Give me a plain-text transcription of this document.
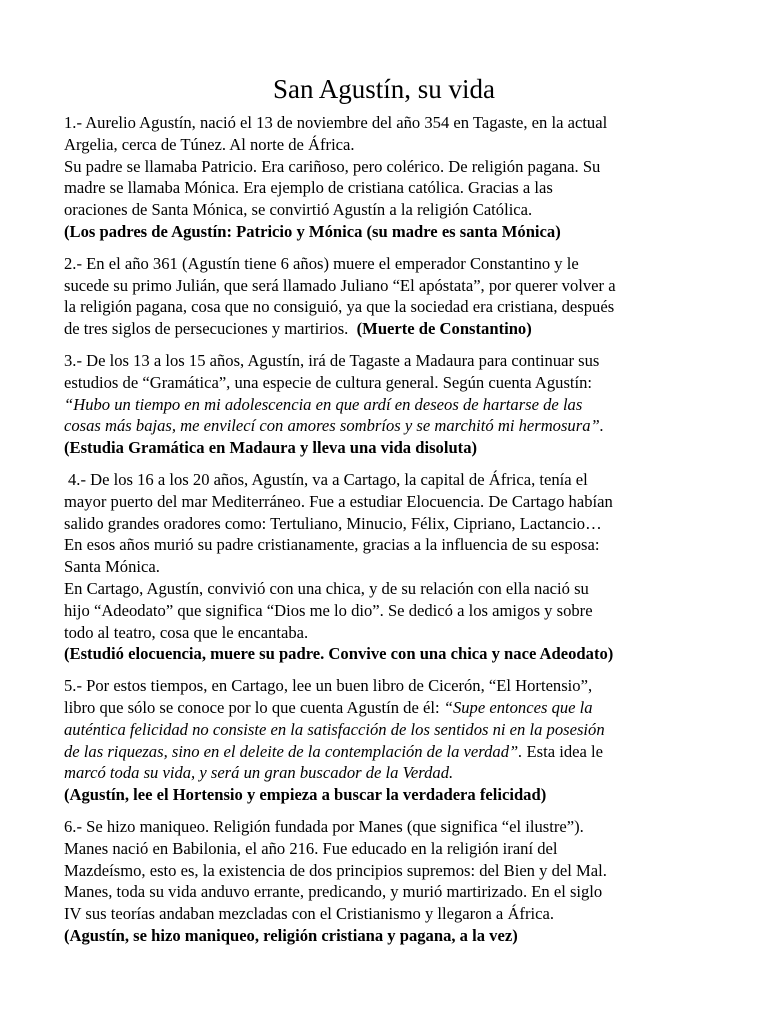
San Agustín, su vida
1.- Aurelio Agustín, nació el 13 de noviembre del año 354 en Tagaste, en la actual
Argelia, cerca de Túnez. Al norte de África.
Su padre se llamaba Patricio. Era cariñoso, pero colérico. De religión pagana. Su
madre se llamaba Mónica. Era ejemplo de cristiana católica. Gracias a las
oraciones de Santa Mónica, se convirtió Agustín a la religión Católica.
(Los padres de Agustín: Patricio y Mónica (su madre es santa Mónica)
2.- En el año 361 (Agustín tiene 6 años) muere el emperador Constantino y le
sucede su primo Julián, que será llamado Juliano “El apóstata”, por querer volver a
la religión pagana, cosa que no consiguió, ya que la sociedad era cristiana, después
de tres siglos de persecuciones y martirios.  (Muerte de Constantino)
3.- De los 13 a los 15 años, Agustín, irá de Tagaste a Madaura para continuar sus
estudios de “Gramática”, una especie de cultura general. Según cuenta Agustín:
“Hubo un tiempo en mi adolescencia en que ardí en deseos de hartarse de las
cosas más bajas, me envilecí con amores sombríos y se marchitó mi hermosura”.
(Estudia Gramática en Madaura y lleva una vida disoluta)
4.- De los 16 a los 20 años, Agustín, va a Cartago, la capital de África, tenía el
mayor puerto del mar Mediterráneo. Fue a estudiar Elocuencia. De Cartago habían
salido grandes oradores como: Tertuliano, Minucio, Félix, Cipriano, Lactancio…
En esos años murió su padre cristianamente, gracias a la influencia de su esposa:
Santa Mónica.
En Cartago, Agustín, convivió con una chica, y de su relación con ella nació su
hijo “Adeodato” que significa “Dios me lo dio”. Se dedicó a los amigos y sobre
todo al teatro, cosa que le encantaba.
(Estudió elocuencia, muere su padre. Convive con una chica y nace Adeodato)
5.- Por estos tiempos, en Cartago, lee un buen libro de Cicerón, “El Hortensio”,
libro que sólo se conoce por lo que cuenta Agustín de él: “Supe entonces que la
auténtica felicidad no consiste en la satisfacción de los sentidos ni en la posesión
de las riquezas, sino en el deleite de la contemplación de la verdad”. Esta idea le
marcó toda su vida, y será un gran buscador de la Verdad.
(Agustín, lee el Hortensio y empieza a buscar la verdadera felicidad)
6.- Se hizo maniqueo. Religión fundada por Manes (que significa “el ilustre”).
Manes nació en Babilonia, el año 216. Fue educado en la religión iraní del
Mazdeísmo, esto es, la existencia de dos principios supremos: del Bien y del Mal.
Manes, toda su vida anduvo errante, predicando, y murió martirizado. En el siglo
IV sus teorías andaban mezcladas con el Cristianismo y llegaron a África.
(Agustín, se hizo maniqueo, religión cristiana y pagana, a la vez)
